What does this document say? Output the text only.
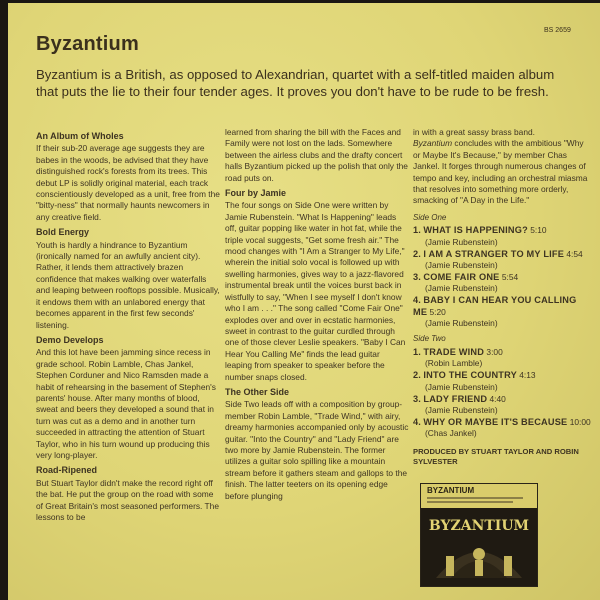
Byzantium
BS 2659
Byzantium is a British, as opposed to Alexandrian, quartet with a self-titled maiden album that puts the lie to their four tender ages. It proves you don't have to be rude to be fresh.
An Album of Wholes

If their sub-20 average age suggests they are babes in the woods, be advised that they have distinguished rock's forests from its trees. This debut LP is solidly original material, each track conscientiously developed as a unit, free from the "bitty-ness" that normally haunts newcomers in any creative field.

Bold Energy

Youth is hardly a hindrance to Byzantium (ironically named for an awfully ancient city). Rather, it lends them attractively brazen confidence that makes walking over waterfalls and leaping between rooftops possible. Musically, it endows them with an unlabored energy that becomes apparent in the first few seconds' listening.

Demo Develops

And this lot have been jamming since recess in grade school. Robin Lamble, Chas Jankel, Stephen Corduner and Nico Ramsden made a habit of rehearsing in the basement of Stephen's parents' house. After many months of blood, sweat and beers they developed a sound that in turn was cut as a demo and in another turn succeeded in attracting the attention of Stuart Taylor, who in his turn wound up producing this very long-player.

Road-Ripened

But Stuart Taylor didn't make the record right off the bat. He put the group on the road with some of Great Britain's most seasoned performers. The lessons to be

learned from sharing the bill with the Faces and Family were not lost on the lads. Somewhere between the airless clubs and the drafty concert halls Byzantium picked up the polish that only the road puts on.

Four by Jamie

The four songs on Side One were written by Jamie Rubenstein. "What Is Happening" leads off, guitar popping like water in hot fat, while the triple vocal suggests, "Get some fresh air." The mood changes with "I Am a Stranger to My Life," wherein the initial solo vocal is followed up with swelling harmonies, gives way to a jazz-flavored instrumental break until the voices burst back in wistfully to say, "When I see myself I don't know who I am . . ." The song called "Come Fair One" explodes over and over in ecstatic harmonies, sweet in contrast to the guitar curdled through one of those clever Leslie speakers. "Baby I Can Hear You Calling Me" finds the lead guitar leaping from speaker to speaker before the number snaps closed.

The Other Side

Side Two leads off with a composition by group-member Robin Lamble, "Trade Wind," with airy, dreamy harmonies accompanied only by acoustic guitar. "Into the Country" and "Lady Friend" are two more by Jamie Rubenstein. The former utilizes a guitar solo spilling like a mountain stream before it gathers steam and gallops to the finish. The latter teeters on its opening edge before plunging

in with a great sassy brass band.

Byzantium concludes with the ambitious "Why or Maybe It's Because," by member Chas Jankel. It forges through numerous changes of tempo and key, including an orchestral miasma that resolves into something more orderly, smacking of "A Day in the Life."

Side One
1. WHAT IS HAPPENING? 5:10
(Jamie Rubenstein)
2. I AM A STRANGER TO MY LIFE 4:54
(Jamie Rubenstein)
3. COME FAIR ONE 5:54
(Jamie Rubenstein)
4. BABY I CAN HEAR YOU CALLING ME 5:20
(Jamie Rubenstein)
Side Two
1. TRADE WIND 3:00
(Robin Lamble)
2. INTO THE COUNTRY 4:13
(Jamie Rubenstein)
3. LADY FRIEND 4:40
(Jamie Rubenstein)
4. WHY OR MAYBE IT'S BECAUSE 10:00
(Chas Jankel)
PRODUCED BY STUART TAYLOR AND ROBIN SYLVESTER
BYZANTIUM
BYZANTIUM
